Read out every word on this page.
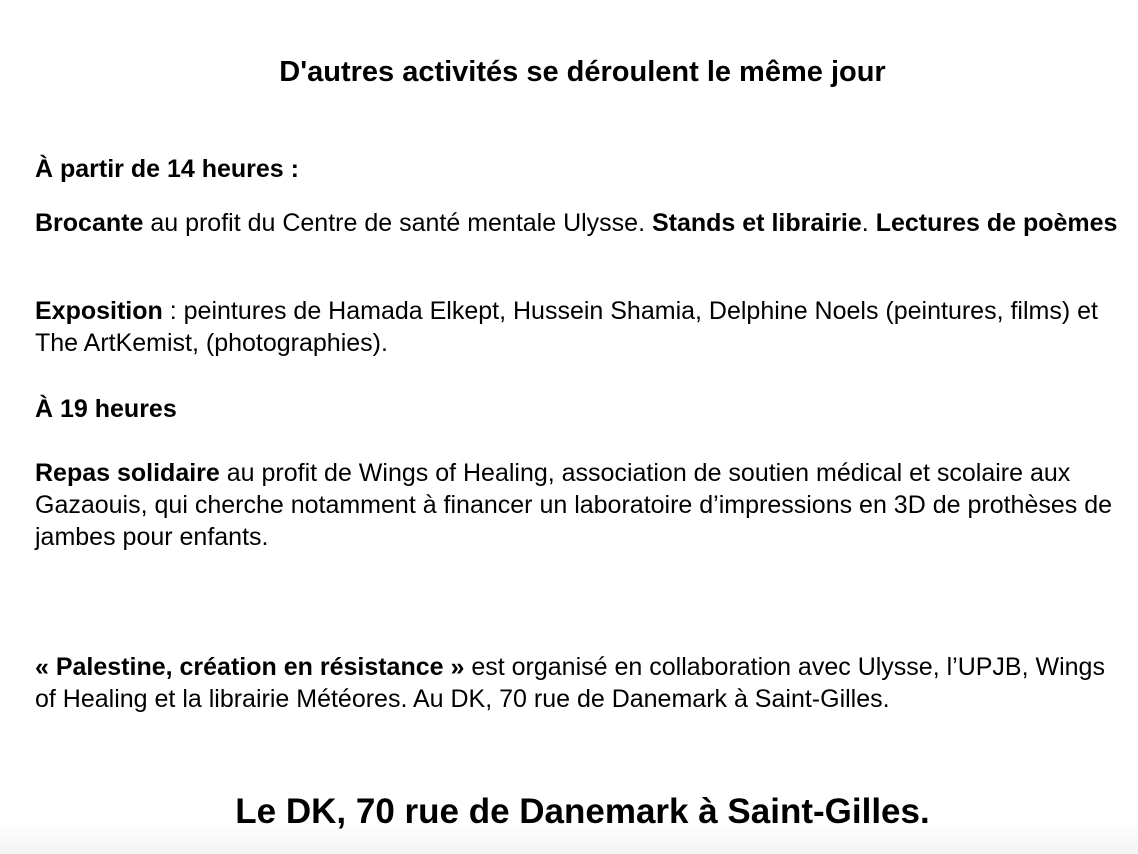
D'autres activités se déroulent le même jour
À partir de 14 heures :
Brocante au profit du Centre de santé mentale Ulysse. Stands et librairie. Lectures de poèmes
Exposition : peintures de Hamada Elkept, Hussein Shamia, Delphine Noels (peintures, films) et The ArtKemist, (photographies).
À 19 heures
Repas solidaire au profit de Wings of Healing, association de soutien médical et scolaire aux Gazaouis, qui cherche notamment à financer un laboratoire d’impressions en 3D de prothèses de jambes pour enfants.
« Palestine, création en résistance » est organisé en collaboration avec Ulysse, l’UPJB, Wings of Healing et la librairie Météores. Au DK, 70 rue de Danemark à Saint-Gilles.
Le DK, 70 rue de Danemark à Saint-Gilles.
